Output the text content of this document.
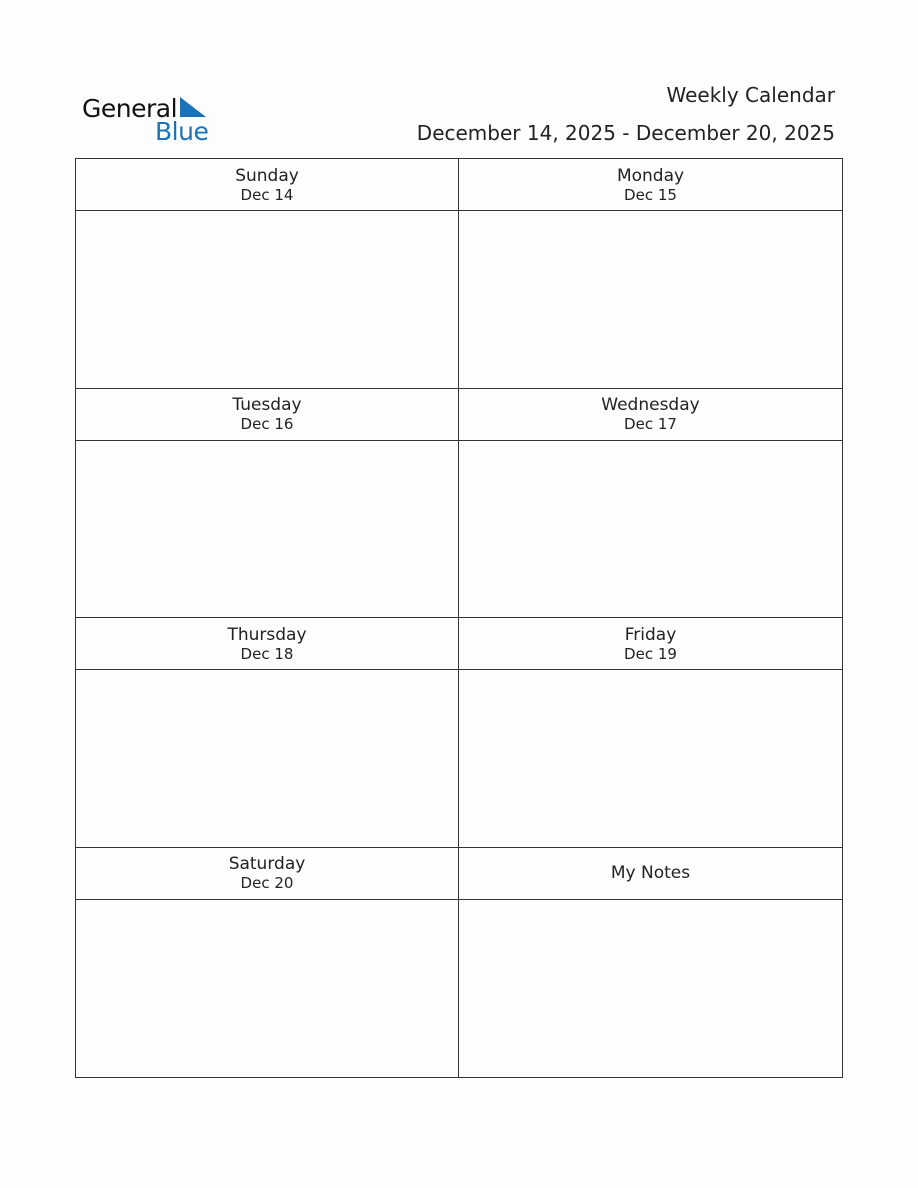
General
Blue
Weekly Calendar
December 14, 2025 - December 20, 2025
Sunday
Dec 14
Monday
Dec 15
Tuesday
Dec 16
Wednesday
Dec 17
Thursday
Dec 18
Friday
Dec 19
Saturday
Dec 20	My Notes
